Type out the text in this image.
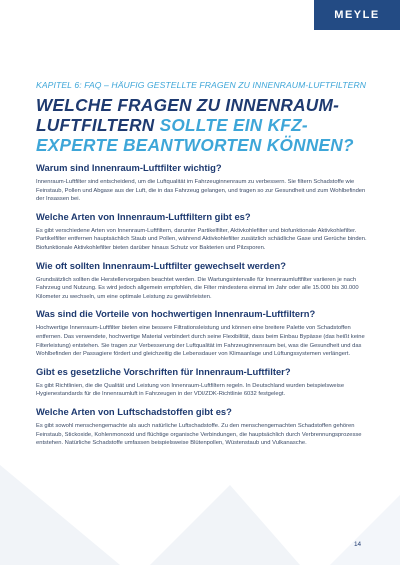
MEYLE
KAPITEL 6: FAQ – HÄUFIG GESTELLTE FRAGEN ZU INNENRAUM-LUFTFILTERN
WELCHE FRAGEN ZU INNENRAUM-LUFTFILTERN SOLLTE EIN KFZ-EXPERTE BEANTWORTEN KÖNNEN?
Warum sind Innenraum-Luftfilter wichtig?
Innenraum-Luftfilter sind entscheidend, um die Luftqualität im Fahrzeuginnenraum zu verbessern. Sie filtern Schadstoffe wie Feinstaub, Pollen und Abgase aus der Luft, die in das Fahrzeug gelangen, und tragen so zur Gesundheit und zum Wohlbefinden der Insassen bei.
Welche Arten von Innenraum-Luftfiltern gibt es?
Es gibt verschiedene Arten von Innenraum-Luftfiltern, darunter Partikelfilter, Aktivkohlefilter und biofunktionale Aktivkohlefilter. Partikelfilter entfernen hauptsächlich Staub und Pollen, während Aktivkohlefilter zusätzlich schädliche Gase und Gerüche binden. Biofunktionale Aktivkohlefilter bieten darüber hinaus Schutz vor Bakterien und Pilzsporen.
Wie oft sollten Innenraum-Luftfilter gewechselt werden?
Grundsätzlich sollten die Herstellervorgaben beachtet werden. Die Wartungsintervalle für Innenraumluftfilter variieren je nach Fahrzeug und Nutzung. Es wird jedoch allgemein empfohlen, die Filter mindestens einmal im Jahr oder alle 15.000 bis 30.000 Kilometer zu wechseln, um eine optimale Leistung zu gewährleisten.
Was sind die Vorteile von hochwertigen Innenraum-Luftfiltern?
Hochwertige Innenraum-Luftfilter bieten eine bessere Filtrationsleistung und können eine breitere Palette von Schadstoffen entfernen. Das verwendete, hochwertige Material verbindert durch seine Flexibilität, dass beim Einbau Bypässe (das heißt keine Filterleistung) entstehen. Sie tragen zur Verbesserung der Luftqualität im Fahrzeuginnenraum bei, was die Gesundheit und das Wohlbefinden der Passagiere fördert und gleichzeitig die Lebensdauer von Klimaanlage und Lüftungssystemen verlängert.
Gibt es gesetzliche Vorschriften für Innenraum-Luftfilter?
Es gibt Richtlinien, die die Qualität und Leistung von Innenraum-Luftfiltern regeln. In Deutschland wurden beispielsweise Hygienestandards für die Innenraumluft in Fahrzeugen in der VDI/ZDK-Richtlinie 6032 festgelegt.
Welche Arten von Luftschadstoffen gibt es?
Es gibt sowohl menschengemachte als auch natürliche Luftschadstoffe. Zu den menschengemachten Schadstoffen gehören Feinstaub, Stickoxide, Kohlenmonoxid und flüchtige organische Verbindungen, die hauptsächlich durch Verbrennungsprozesse entstehen. Natürliche Schadstoffe umfassen beispielsweise Blütenpollen, Wüstenstaub und Vulkanasche.
14
